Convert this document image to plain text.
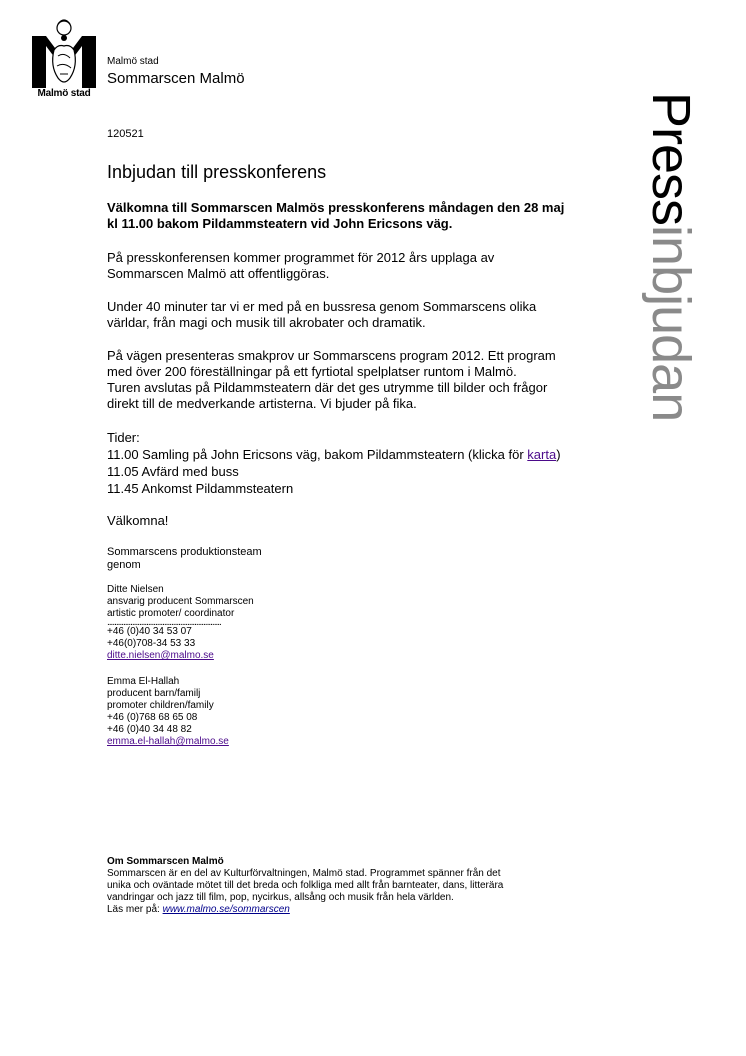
Malmö stad
Malmö stad
Sommarscen Malmö
Pressinbjudan
120521
Inbjudan till presskonferens
Välkomna till Sommarscen Malmös presskonferens måndagen den 28 maj
kl 11.00 bakom Pildammsteatern vid John Ericsons väg.
På presskonferensen kommer programmet för 2012 års upplaga av
Sommarscen Malmö att offentliggöras.
Under 40 minuter tar vi er med på en bussresa genom Sommarscens olika
världar, från magi och musik till akrobater och dramatik.
På vägen presenteras smakprov ur Sommarscens program 2012. Ett program
med över 200 föreställningar på ett fyrtiotal spelplatser runtom i Malmö.
Turen avslutas på Pildammsteatern där det ges utrymme till bilder och frågor
direkt till de medverkande artisterna. Vi bjuder på fika.
Tider:
11.00 Samling på John Ericsons väg, bakom Pildammsteatern (klicka för karta)
11.05 Avfärd med buss
11.45 Ankomst Pildammsteatern
Välkomna!
Sommarscens produktionsteam
genom
Ditte Nielsen
ansvarig producent Sommarscen
artistic promoter/ coordinator
................................................................
+46 (0)40 34 53 07
+46(0)708-34 53 33
ditte.nielsen@malmo.se
Emma El-Hallah
producent barn/familj
promoter children/family
+46 (0)768 68 65 08
+46 (0)40 34 48 82
emma.el-hallah@malmo.se
Om Sommarscen Malmö
Sommarscen är en del av Kulturförvaltningen, Malmö stad. Programmet spänner från det
unika och oväntade mötet till det breda och folkliga med allt från barnteater, dans, litterära
vandringar och jazz till film, pop, nycirkus, allsång och musik från hela världen.
Läs mer på: www.malmo.se/sommarscen
